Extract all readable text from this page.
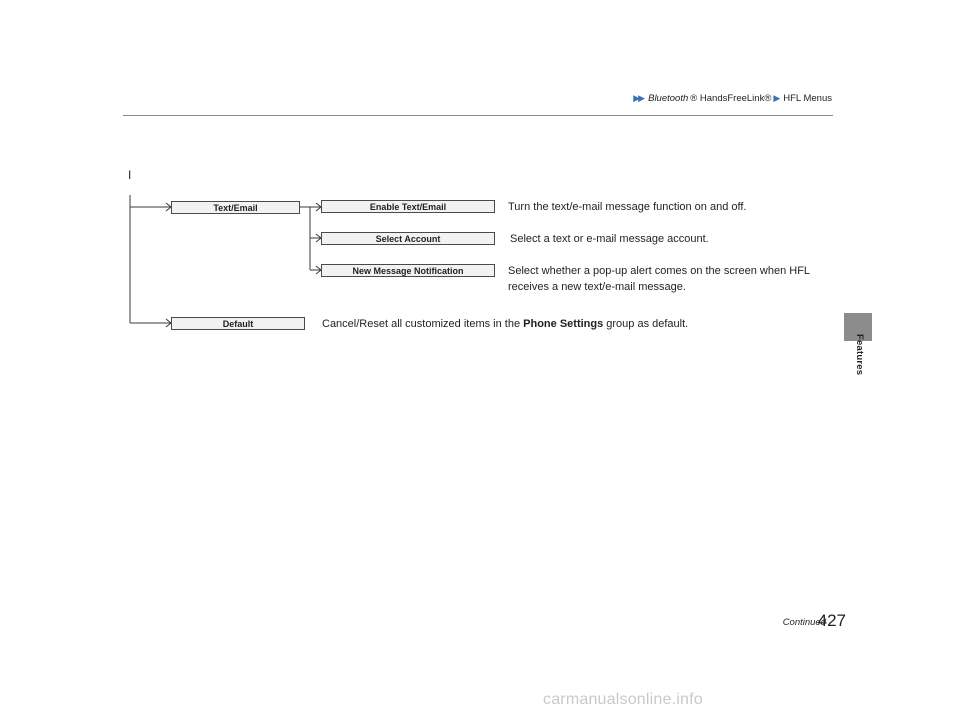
▶▶ Bluetooth ® HandsFreeLink® ▶ HFL Menus
Features
I
Text/Email	Enable Text/Email
Select Account
New Message Notification
Default
Turn the text/e-mail message function on and off.
Select a text or e-mail message account.
Select whether a pop-up alert comes on the screen when HFL
receives a new text/e-mail message.
Cancel/Reset all customized items in the Phone Settings group as default.
Continued
427
carmanualsonline.info
